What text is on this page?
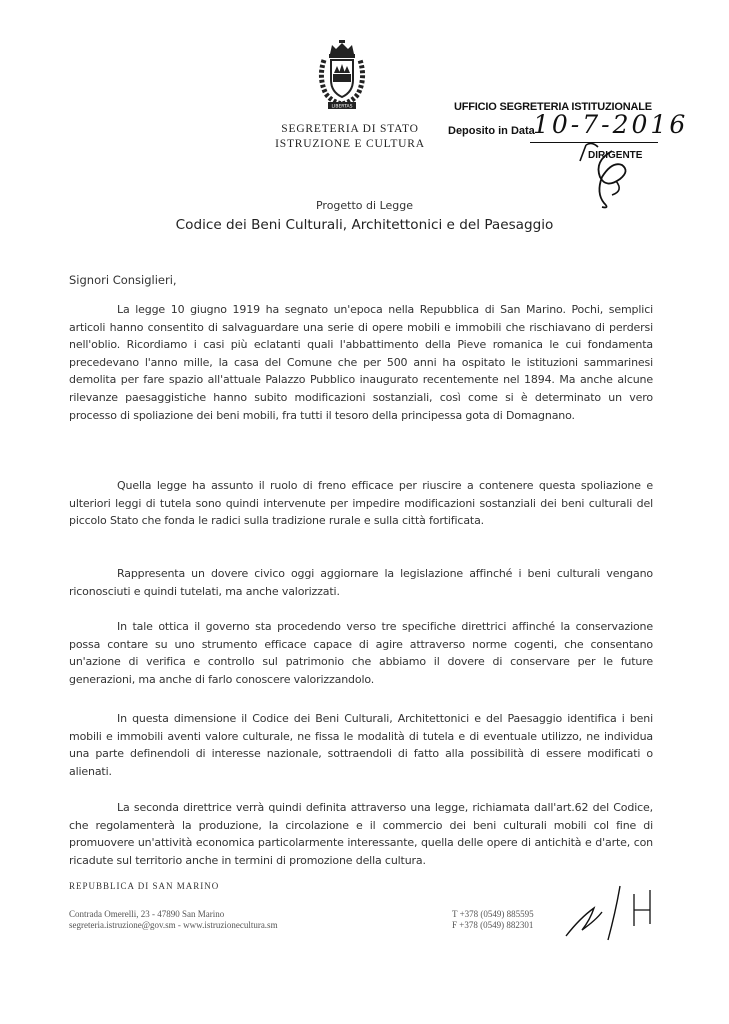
LIBERTAS
SEGRETERIA DI STATO
ISTRUZIONE E CULTURA
UFFICIO SEGRETERIA ISTITUZIONALE
Deposito in Data
10-7-2016
DIRIGENTE
Progetto di Legge
Codice dei Beni Culturali, Architettonici e del Paesaggio
Signori Consiglieri,

La legge 10 giugno 1919 ha segnato un'epoca nella Repubblica di San Marino. Pochi, semplici articoli hanno consentito di salvaguardare una serie di opere mobili e immobili che rischiavano di perdersi nell'oblio. Ricordiamo i casi più eclatanti quali l'abbattimento della Pieve romanica le cui fondamenta precedevano l'anno mille, la casa del Comune che per 500 anni ha ospitato le istituzioni sammarinesi demolita per fare spazio all'attuale Palazzo Pubblico inaugurato recentemente nel 1894. Ma anche alcune rilevanze paesaggistiche hanno subito modificazioni sostanziali, così come si è determinato un vero processo di spoliazione dei beni mobili, fra tutti il tesoro della principessa gota di Domagnano.

Quella legge ha assunto il ruolo di freno efficace per riuscire a contenere questa spoliazione e ulteriori leggi di tutela sono quindi intervenute per impedire modificazioni sostanziali dei beni culturali del piccolo Stato che fonda le radici sulla tradizione rurale e sulla città fortificata.

Rappresenta un dovere civico oggi aggiornare la legislazione affinché i beni culturali vengano riconosciuti e quindi tutelati, ma anche valorizzati.

In tale ottica il governo sta procedendo verso tre specifiche direttrici affinché la conservazione possa contare su uno strumento efficace capace di agire attraverso norme cogenti, che consentano un'azione di verifica e controllo sul patrimonio che abbiamo il dovere di conservare per le future generazioni, ma anche di farlo conoscere valorizzandolo.

In questa dimensione il Codice dei Beni Culturali, Architettonici e del Paesaggio identifica i beni mobili e immobili aventi valore culturale, ne fissa le modalità di tutela e di eventuale utilizzo, ne individua una parte definendoli di interesse nazionale, sottraendoli di fatto alla possibilità di essere modificati o alienati.

La seconda direttrice verrà quindi definita attraverso una legge, richiamata dall'art.62 del Codice, che regolamenterà la produzione, la circolazione e il commercio dei beni culturali mobili col fine di promuovere un'attività economica particolarmente interessante, quella delle opere di antichità e d'arte, con ricadute sul territorio anche in termini di promozione della cultura.

REPUBBLICA DI SAN MARINO
Contrada Omerelli, 23 - 47890 San Marino
segreteria.istruzione@gov.sm - www.istruzionecultura.sm
T +378 (0549) 885595
F +378 (0549) 882301
